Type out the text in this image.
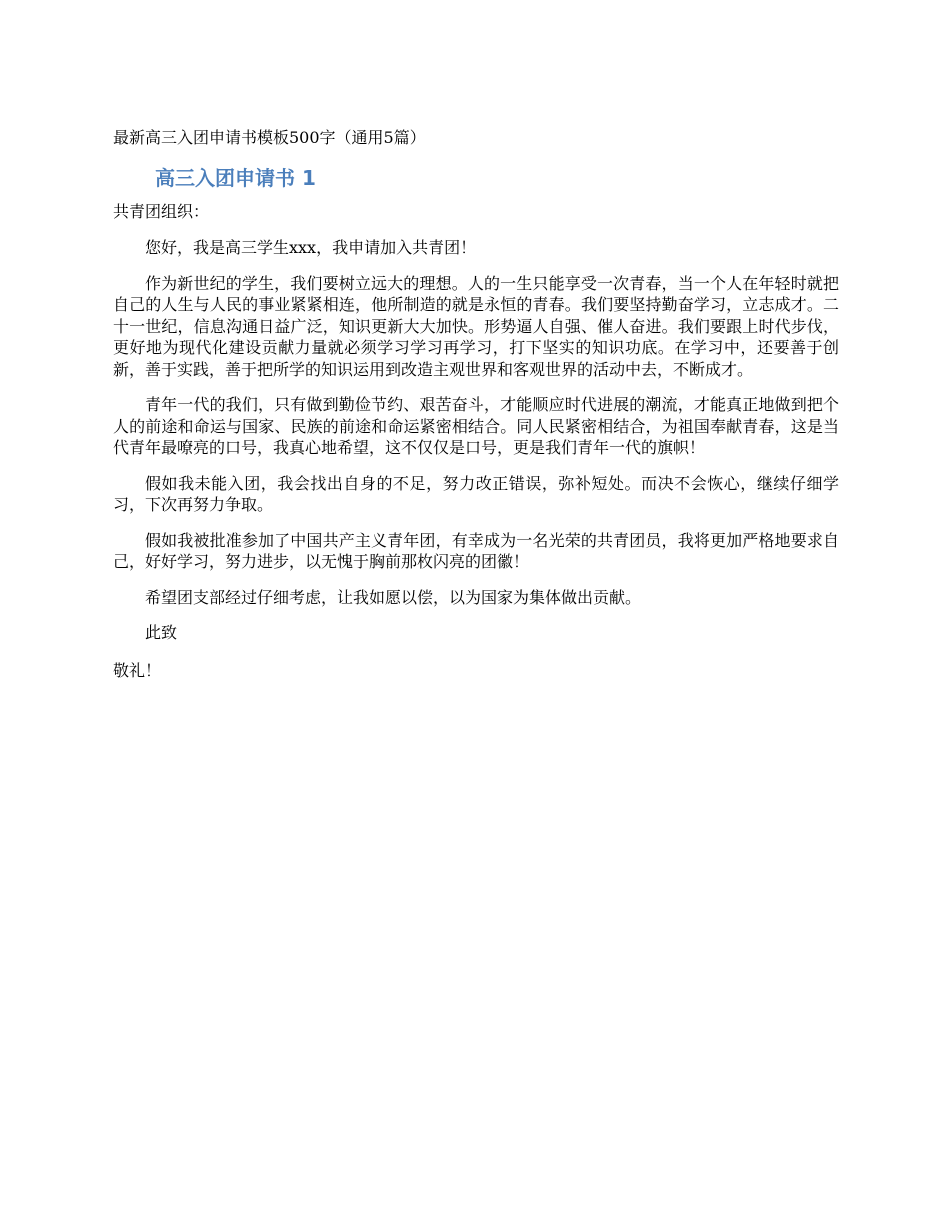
最新高三入团申请书模板500字（通用5篇）
高三入团申请书 1

共青团组织：

您好，我是高三学生xxx，我申请加入共青团！

作为新世纪的学生，我们要树立远大的理想。人的一生只能享受一次青春，当一个人在年轻时就把自己的人生与人民的事业紧紧相连，他所制造的就是永恒的青春。我们要坚持勤奋学习，立志成才。二十一世纪，信息沟通日益广泛，知识更新大大加快。形势逼人自强、催人奋进。我们要跟上时代步伐，更好地为现代化建设贡献力量就必须学习学习再学习，打下坚实的知识功底。在学习中，还要善于创新，善于实践，善于把所学的知识运用到改造主观世界和客观世界的活动中去，不断成才。

青年一代的我们，只有做到勤俭节约、艰苦奋斗，才能顺应时代进展的潮流，才能真正地做到把个人的前途和命运与国家、民族的前途和命运紧密相结合。同人民紧密相结合，为祖国奉献青春，这是当代青年最嘹亮的口号，我真心地希望，这不仅仅是口号，更是我们青年一代的旗帜！

假如我未能入团，我会找出自身的不足，努力改正错误，弥补短处。而决不会恢心，继续仔细学习，下次再努力争取。

假如我被批准参加了中国共产主义青年团，有幸成为一名光荣的共青团员，我将更加严格地要求自己，好好学习，努力进步，以无愧于胸前那枚闪亮的团徽！

希望团支部经过仔细考虑，让我如愿以偿，以为国家为集体做出贡献。

此致

敬礼！
